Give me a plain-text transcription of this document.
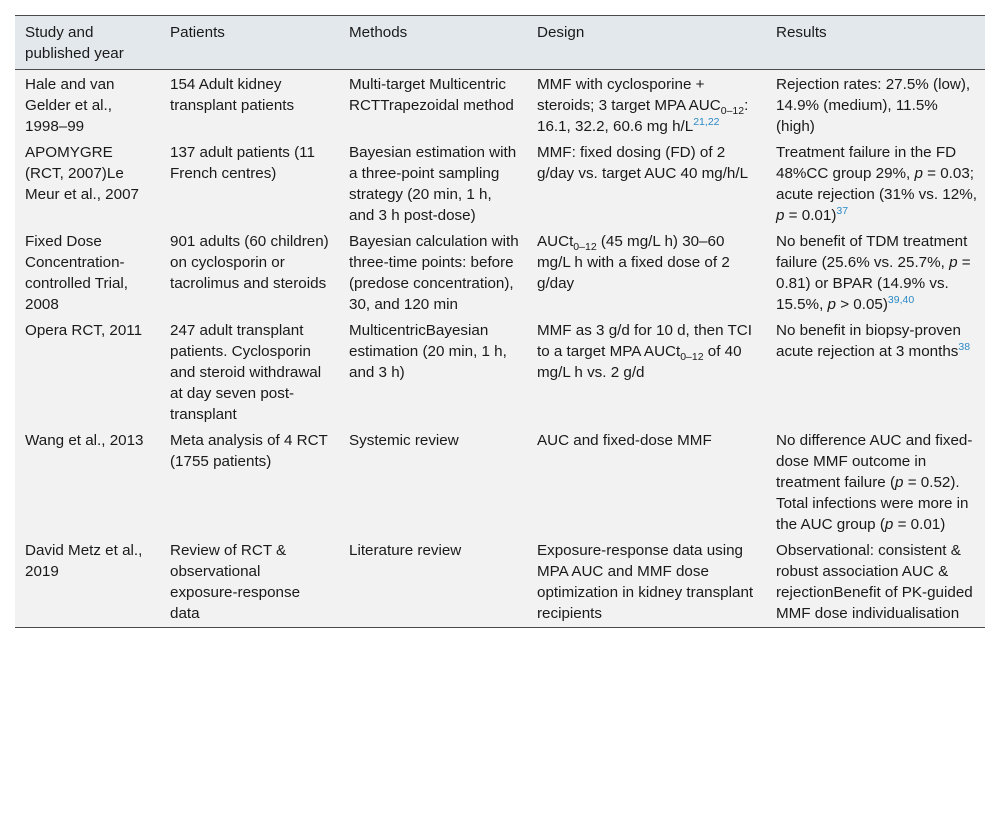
Study and published year	Patients	Methods	Design	Results
Hale and van Gelder et al., 1998–99	154 Adult kidney transplant patients	Multi-target Multicentric RCTTrapezoidal method	MMF with cyclosporine + steroids; 3 target MPA $AUC_{0-12}$: 16.1, 32.2, 60.6 mg h/L$^{21,22}$	Rejection rates: 27.5% (low), 14.9% (medium), 11.5% (high)
APOMYGRE (RCT, 2007)Le Meur et al., 2007	137 adult patients (11 French centres)	Bayesian estimation with a three-point sampling strategy (20 min, 1 h, and 3 h post-dose)	MMF: fixed dosing (FD) of 2 g/day vs. target AUC 40 mg/h/L	Treatment failure in the FD 48%CC group 29%, p = 0.03; acute rejection (31% vs. 12%, p = 0.01)$^{37}$
Fixed Dose Concentration-controlled Trial, 2008	901 adults (60 children) on cyclosporin or tacrolimus and steroids	Bayesian calculation with three-time points: before (predose concentration), 30, and 120 min	AUCt$_{0-12}$ (45 mg/L h) 30–60 mg/L h with a fixed dose of 2 g/day	No benefit of TDM treatment failure (25.6% vs. 25.7%, p = 0.81) or BPAR (14.9% vs. 15.5%, p > 0.05)$^{39,40}$
Opera RCT, 2011	247 adult transplant patients. Cyclosporin and steroid withdrawal at day seven post-transplant	MulticentricBayesian estimation (20 min, 1 h, and 3 h)	MMF as 3 g/d for 10 d, then TCI to a target MPA AUCt$_{0-12}$ of 40 mg/L h vs. 2 g/d	No benefit in biopsy-proven acute rejection at 3 months$^{38}$
Wang et al., 2013	Meta analysis of 4 RCT (1755 patients)	Systemic review	AUC and fixed-dose MMF	No difference AUC and fixed-dose MMF outcome in treatment failure (p = 0.52). Total infections were more in the AUC group (p = 0.01)
David Metz et al., 2019	Review of RCT & observational exposure-response data	Literature review	Exposure-response data using MPA AUC and MMF dose optimization in kidney transplant recipients	Observational: consistent & robust association AUC & rejectionBenefit of PK-guided MMF dose individualisation
